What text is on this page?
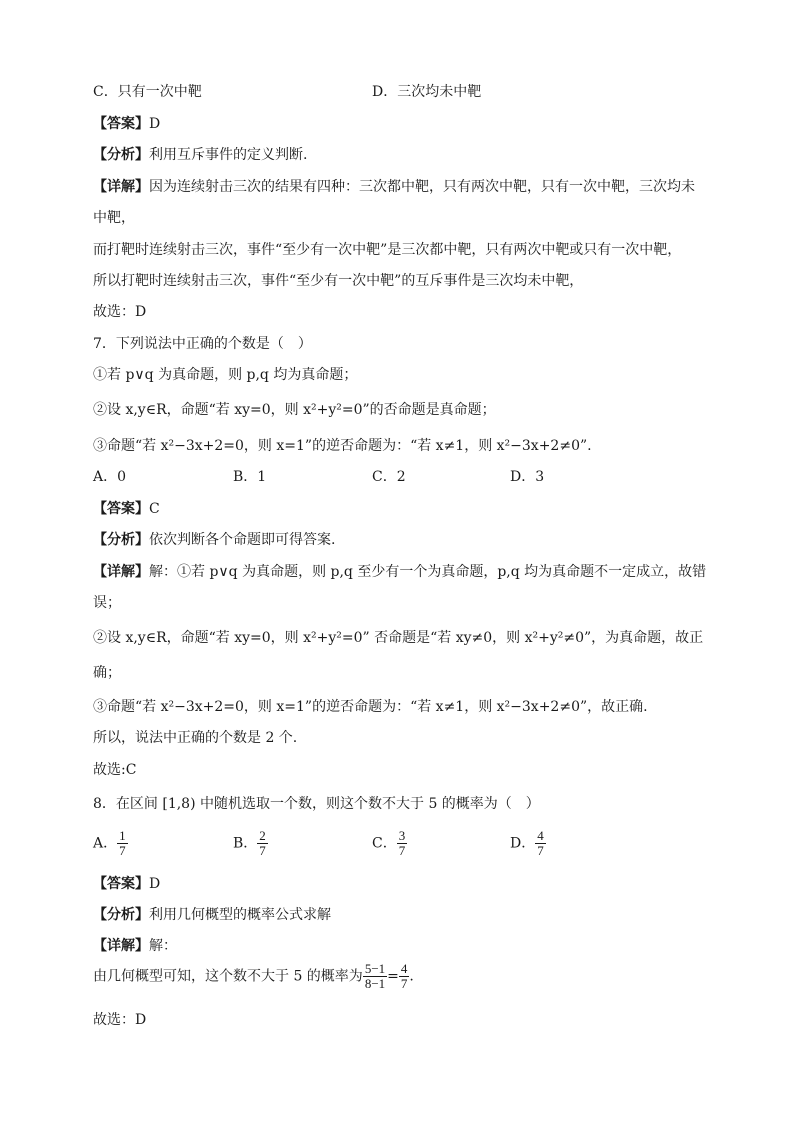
C．只有一次中靶	D．三次均未中靶
【答案】D
【分析】利用互斥事件的定义判断.
【详解】因为连续射击三次的结果有四种：三次都中靶，只有两次中靶，只有一次中靶，三次均未
中靶，
而打靶时连续射击三次，事件“至少有一次中靶”是三次都中靶，只有两次中靶或只有一次中靶，
所以打靶时连续射击三次，事件“至少有一次中靶”的互斥事件是三次均未中靶，
故选：D
7．下列说法中正确的个数是（　）
①若 p∨q 为真命题，则 p,q 均为真命题；
②设 x,y∈R，命题“若 xy=0，则 x²+y²=0”的否命题是真命题；
③命题“若 x²−3x+2=0，则 x=1”的逆否命题为：“若 x≠1，则 x²−3x+2≠0”.
A．0	B．1	C．2	D．3
【答案】C
【分析】依次判断各个命题即可得答案.
【详解】解：①若 p∨q 为真命题，则 p,q 至少有一个为真命题，p,q 均为真命题不一定成立，故错
误；
②设 x,y∈R，命题“若 xy=0，则 x²+y²=0” 否命题是“若 xy≠0，则 x²+y²≠0”，为真命题，故正
确；
③命题“若 x²−3x+2=0，则 x=1”的逆否命题为：“若 x≠1，则 x²−3x+2≠0”，故正确.
所以，说法中正确的个数是 2 个.
故选:C
8．在区间 [1,8) 中随机选取一个数，则这个数不大于 5 的概率为（　）
A． $\frac{1}{7}$	B． $\frac{2}{7}$	C． $\frac{3}{7}$	D． $\frac{4}{7}$
【答案】D
【分析】利用几何概型的概率公式求解
【详解】解：
由几何概型可知，这个数不大于 5 的概率为 $\frac{5-1}{8-1} = \frac{4}{7}$ .
故选：D
